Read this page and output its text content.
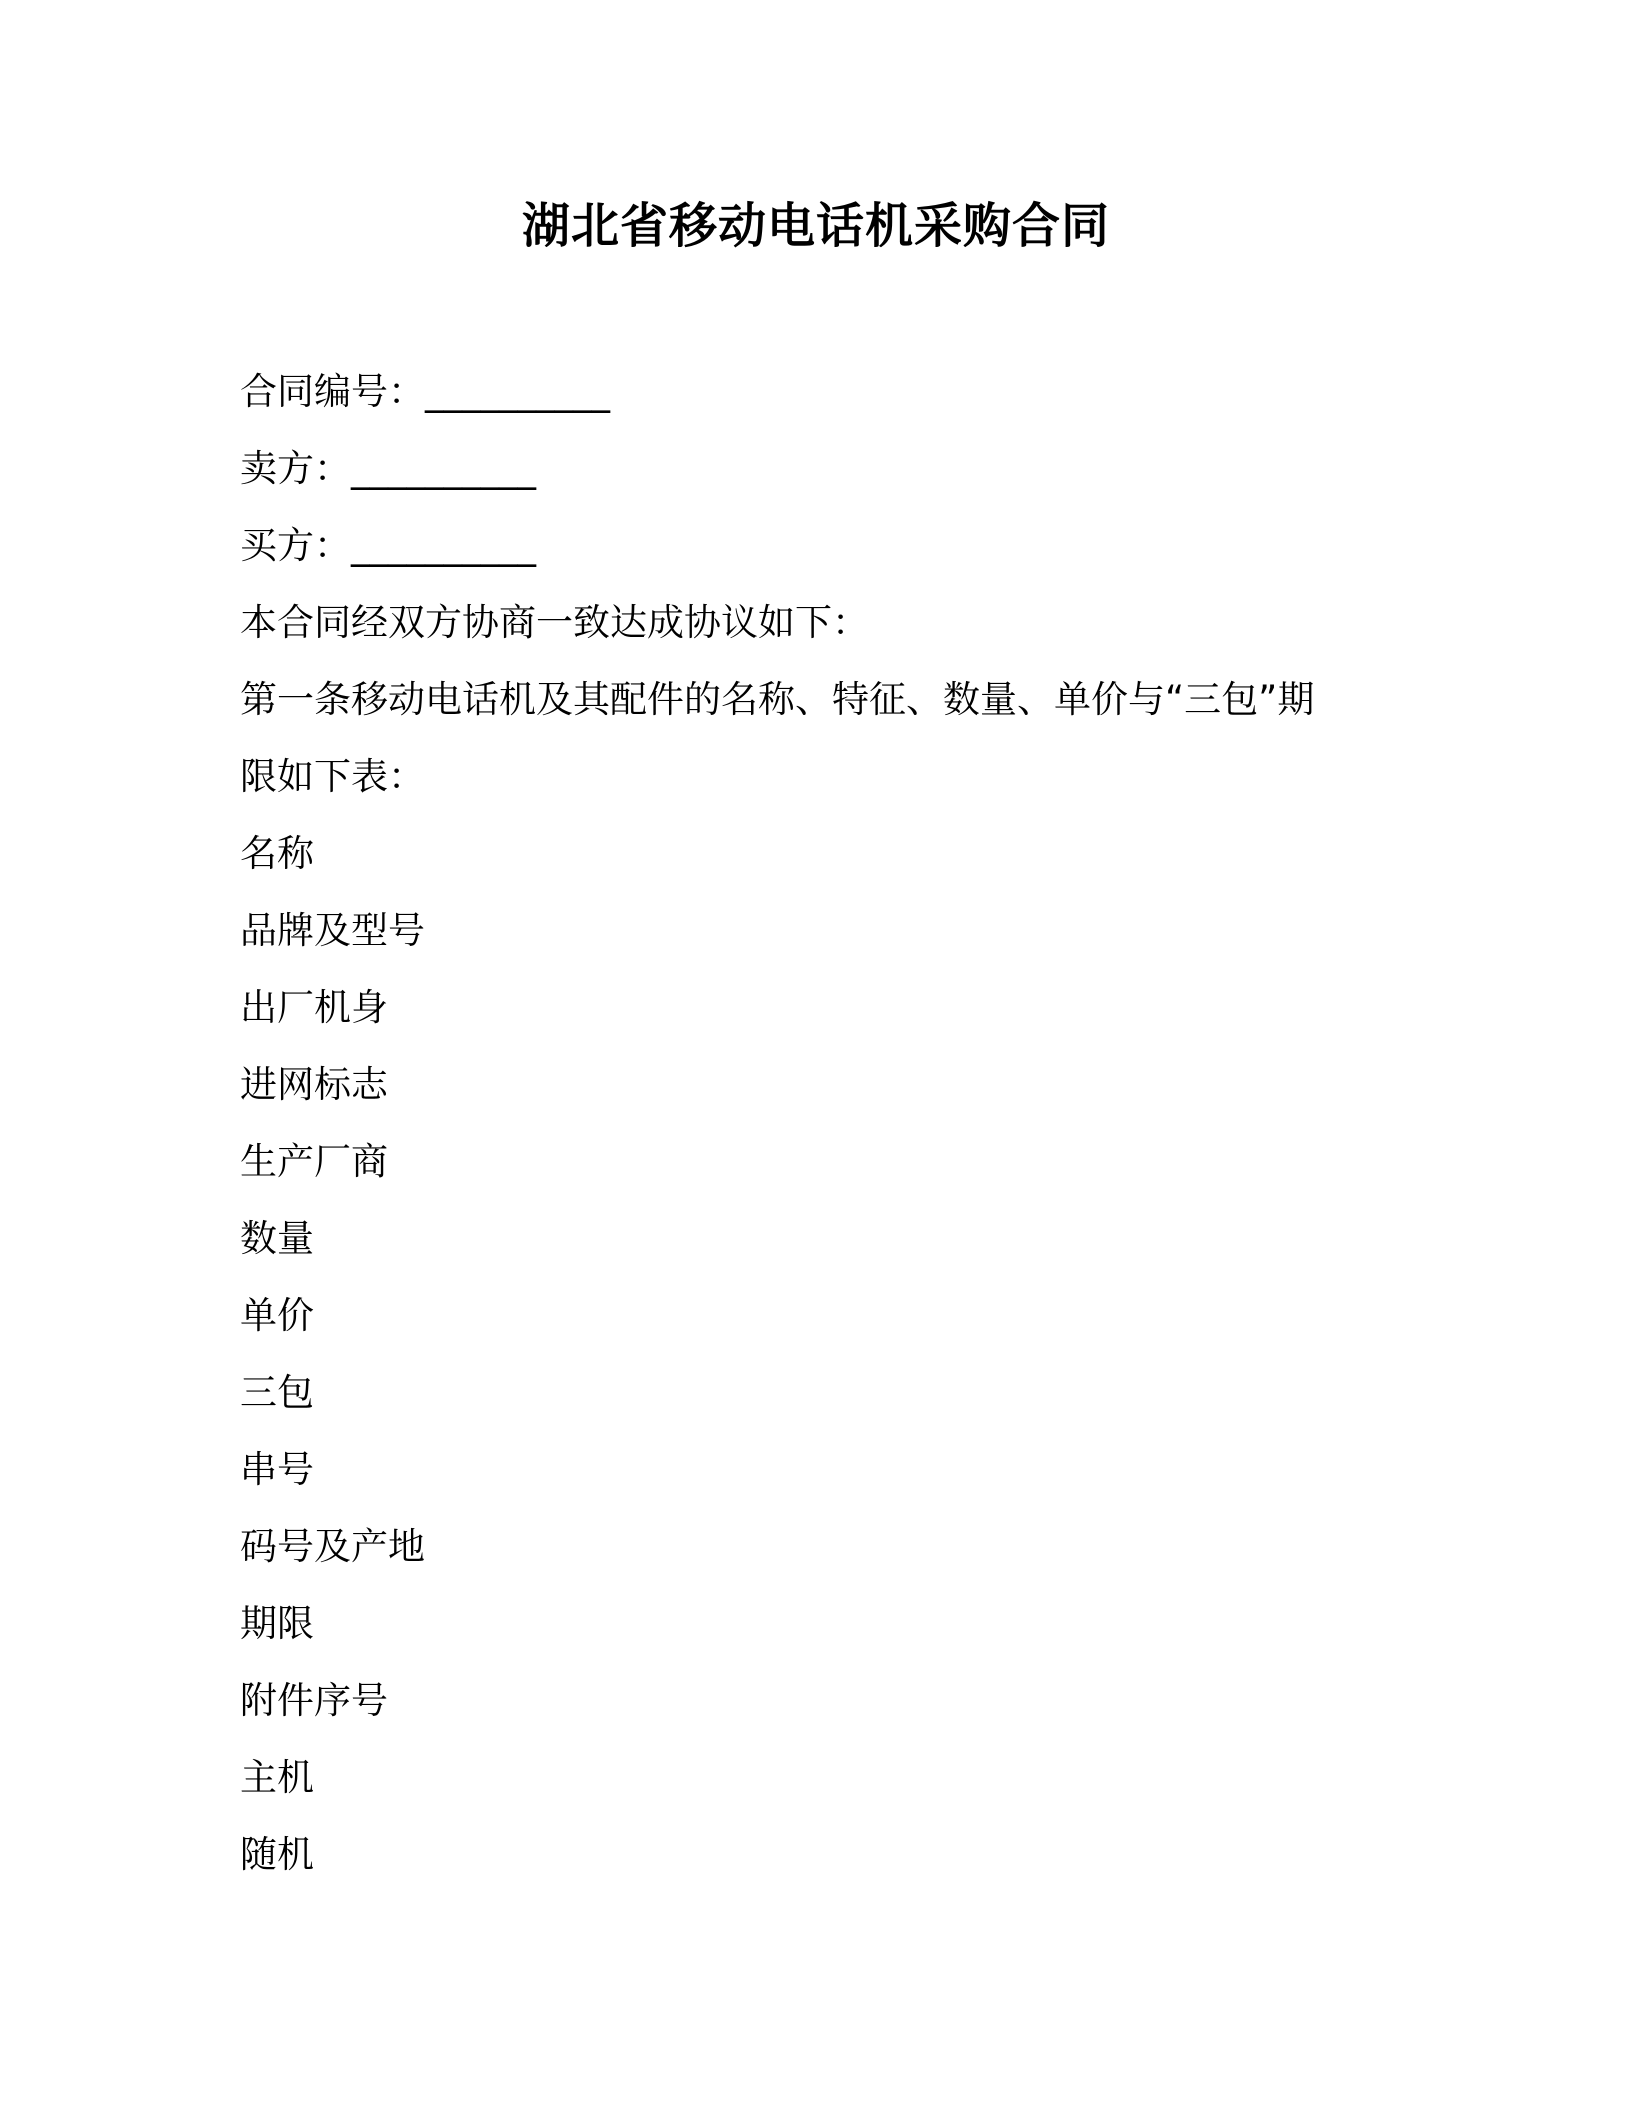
湖北省移动电话机采购合同
合同编号：__________
卖方：__________
买方：__________
本合同经双方协商一致达成协议如下：
第一条移动电话机及其配件的名称、特征、数量、单价与“三包”期
限如下表：
名称
品牌及型号
出厂机身
进网标志
生产厂商
数量
单价
三包
串号
码号及产地
期限
附件序号
主机
随机
